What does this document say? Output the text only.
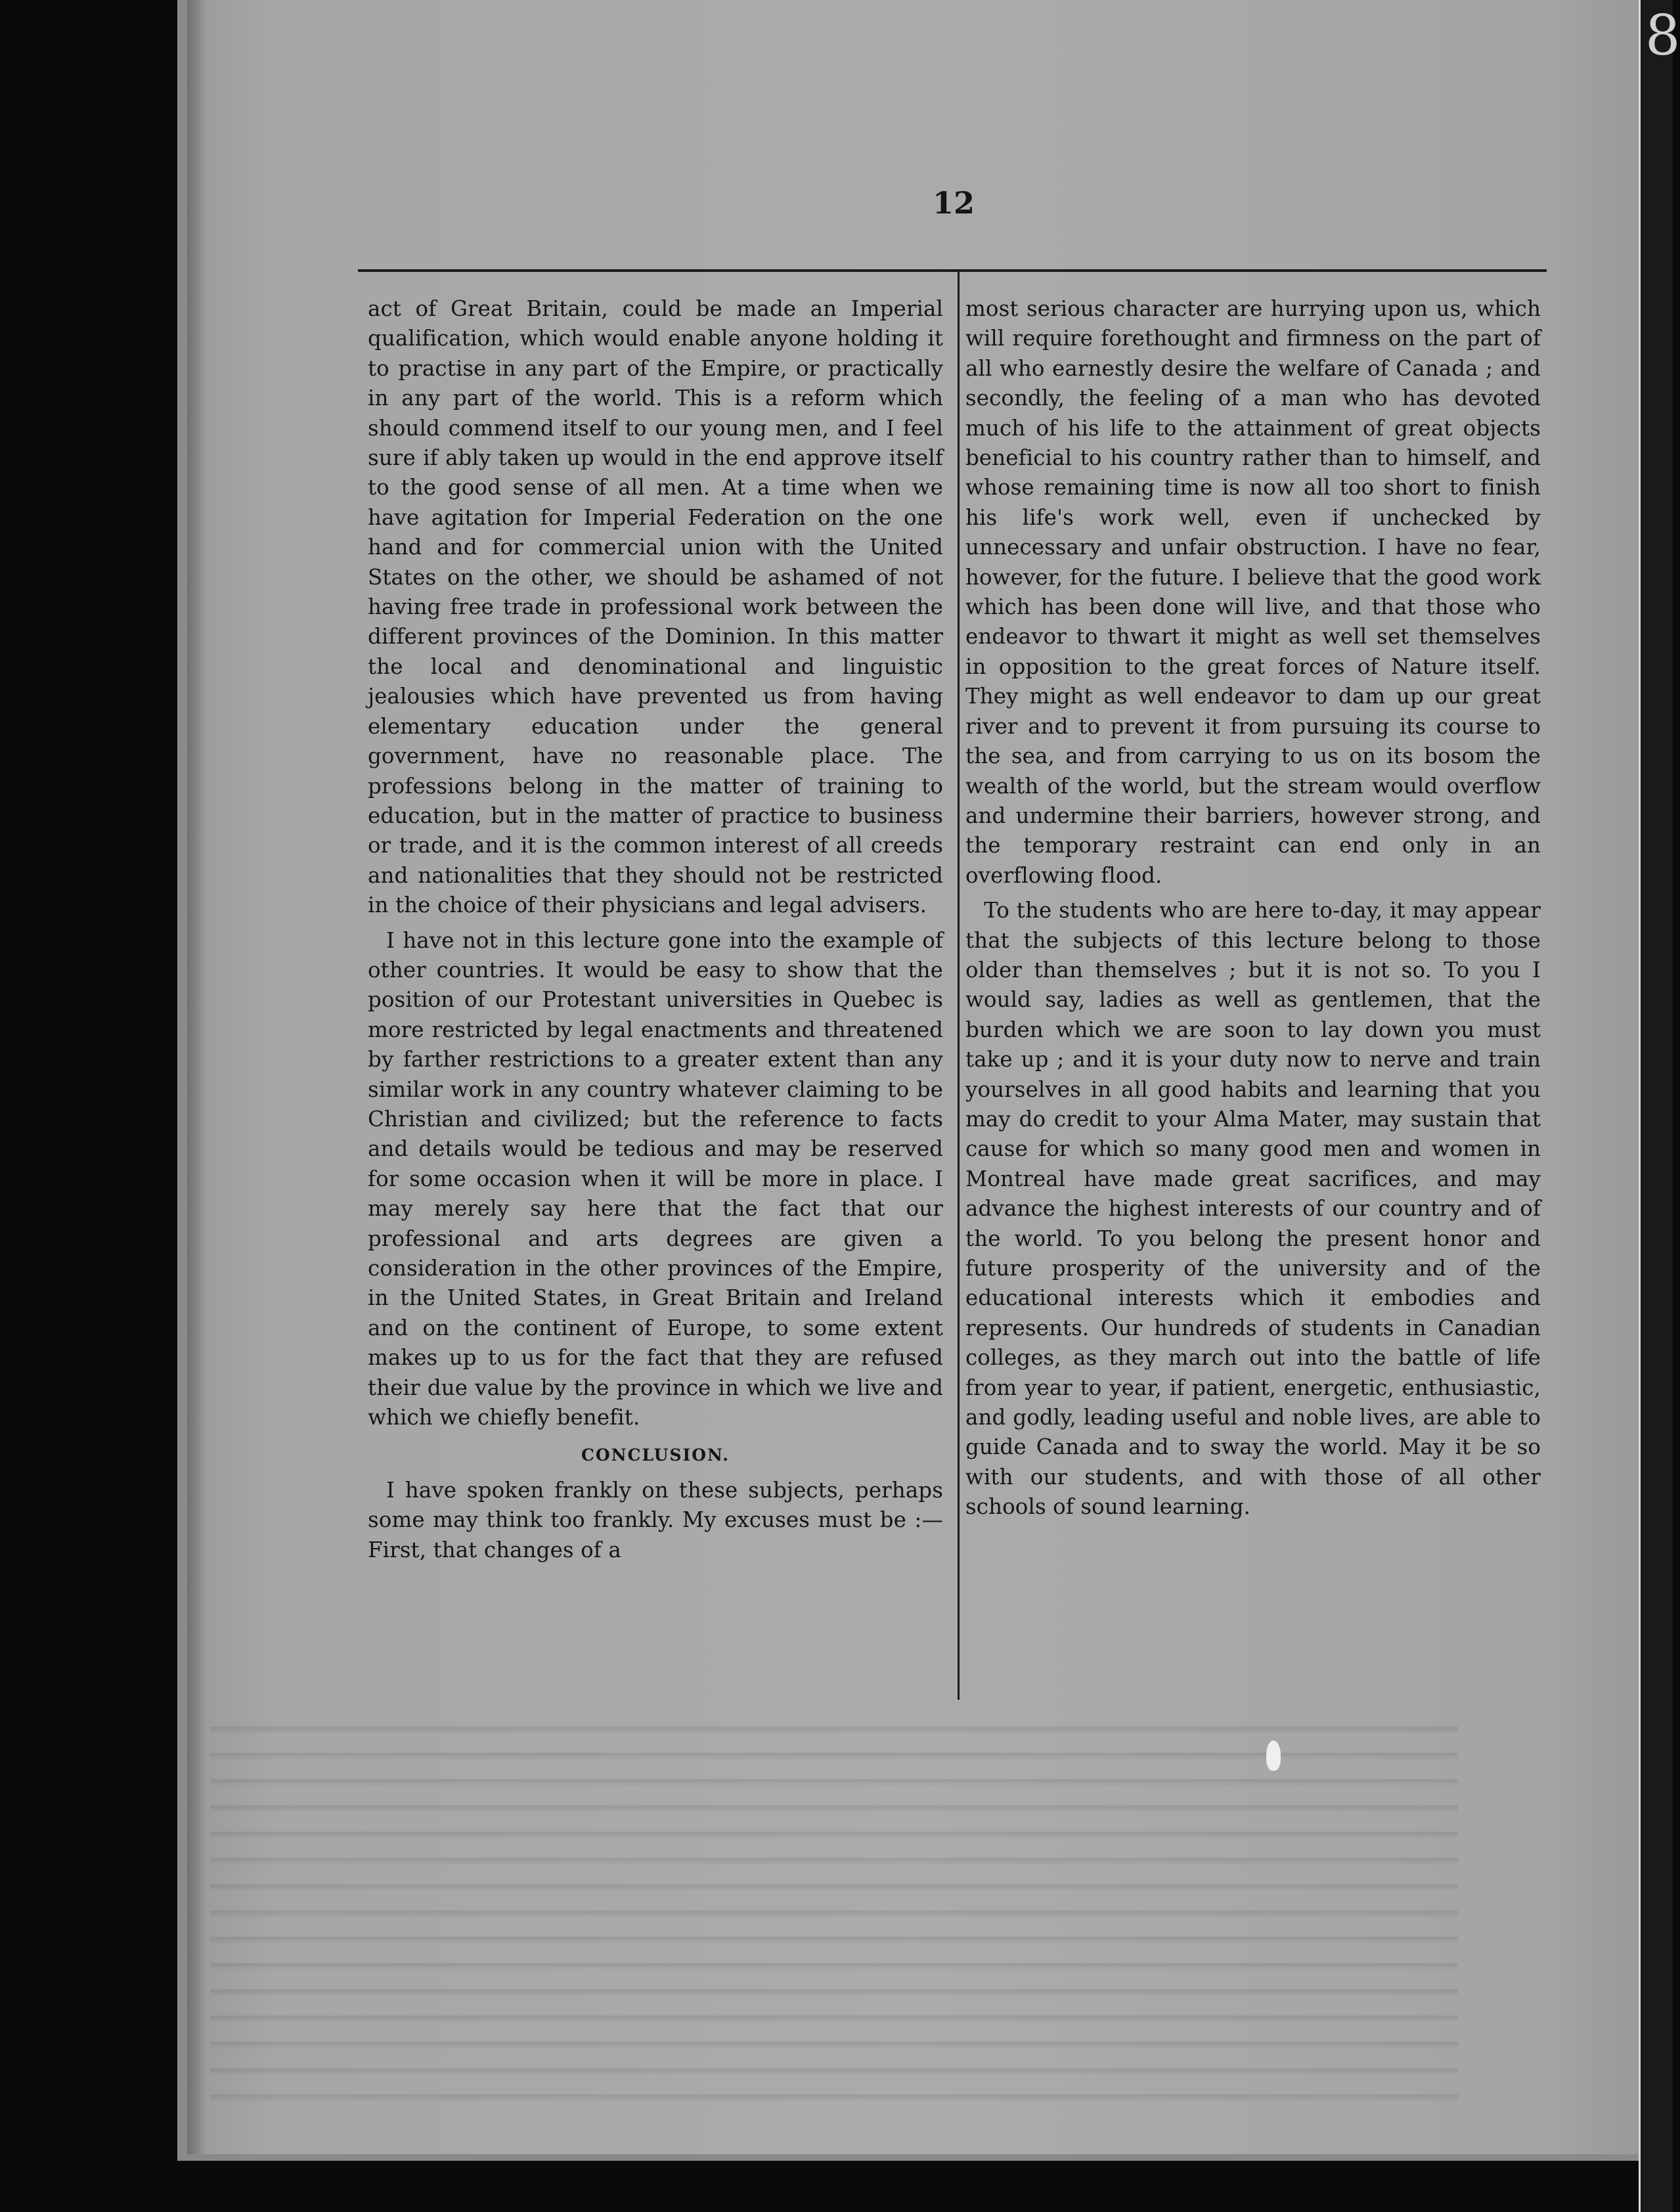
8
12

act of Great Britain, could be made an Imperial qualification, which would enable anyone holding it to practise in any part of the Empire, or practically in any part of the world. This is a reform which should commend itself to our young men, and I feel sure if ably taken up would in the end approve itself to the good sense of all men. At a time when we have agitation for Imperial Federation on the one hand and for commercial union with the United States on the other, we should be ashamed of not having free trade in professional work between the different provinces of the Dominion. In this matter the local and denominational and linguistic jealousies which have prevented us from having elementary education under the general government, have no reasonable place. The professions belong in the matter of training to education, but in the matter of practice to business or trade, and it is the common interest of all creeds and nationalities that they should not be restricted in the choice of their physicians and legal advisers.

I have not in this lecture gone into the example of other countries. It would be easy to show that the position of our Protestant universities in Quebec is more restricted by legal enactments and threatened by farther restrictions to a greater extent than any similar work in any country whatever claiming to be Christian and civilized; but the reference to facts and details would be tedious and may be reserved for some occasion when it will be more in place. I may merely say here that the fact that our professional and arts degrees are given a consideration in the other provinces of the Empire, in the United States, in Great Britain and Ireland and on the continent of Europe, to some extent makes up to us for the fact that they are refused their due value by the province in which we live and which we chiefly benefit.

CONCLUSION.

I have spoken frankly on these subjects, perhaps some may think too frankly. My excuses must be :—First, that changes of a

most serious character are hurrying upon us, which will require forethought and firmness on the part of all who earnestly desire the welfare of Canada ; and secondly, the feeling of a man who has devoted much of his life to the attainment of great objects beneficial to his country rather than to himself, and whose remaining time is now all too short to finish his life's work well, even if unchecked by unnecessary and unfair obstruction. I have no fear, however, for the future. I believe that the good work which has been done will live, and that those who endeavor to thwart it might as well set themselves in opposition to the great forces of Nature itself. They might as well endeavor to dam up our great river and to prevent it from pursuing its course to the sea, and from carrying to us on its bosom the wealth of the world, but the stream would overflow and undermine their barriers, however strong, and the temporary restraint can end only in an overflowing flood.

To the students who are here to-day, it may appear that the subjects of this lecture belong to those older than themselves ; but it is not so. To you I would say, ladies as well as gentlemen, that the burden which we are soon to lay down you must take up ; and it is your duty now to nerve and train yourselves in all good habits and learning that you may do credit to your Alma Mater, may sustain that cause for which so many good men and women in Montreal have made great sacrifices, and may advance the highest interests of our country and of the world. To you belong the present honor and future prosperity of the university and of the educational interests which it embodies and represents. Our hundreds of students in Canadian colleges, as they march out into the battle of life from year to year, if patient, energetic, enthusiastic, and godly, leading useful and noble lives, are able to guide Canada and to sway the world. May it be so with our students, and with those of all other schools of sound learning.
